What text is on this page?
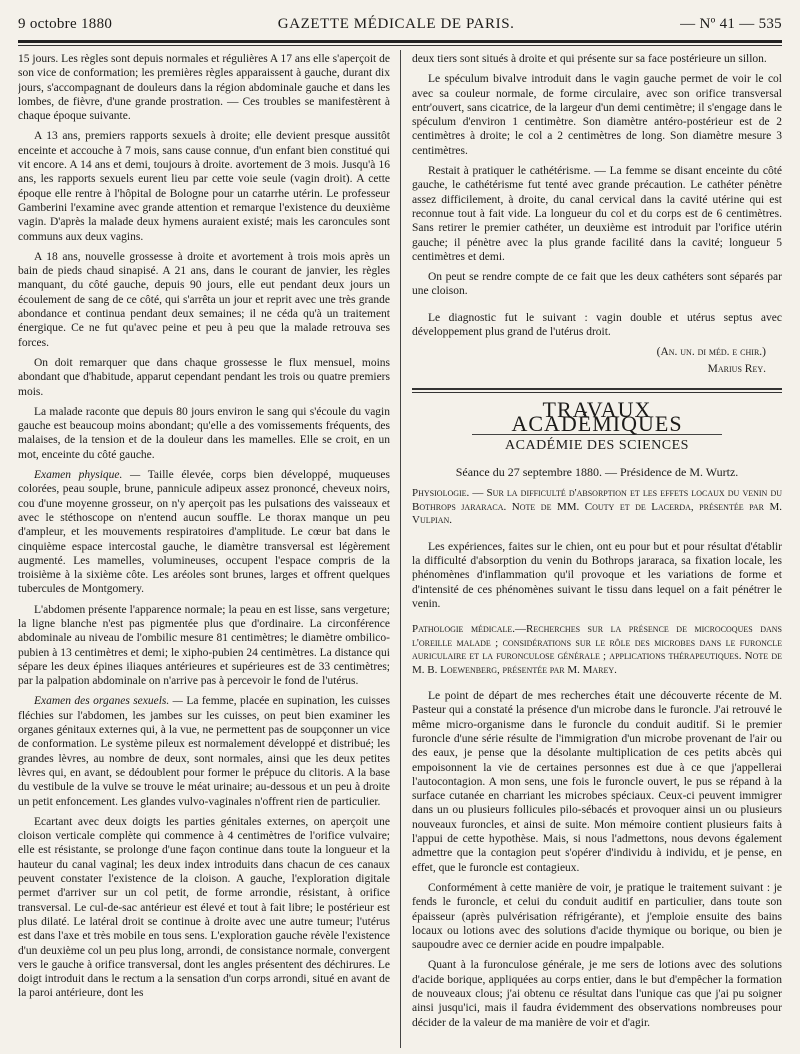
9 octobre 1880	GAZETTE MÉDICALE DE PARIS.	— Nº 41 — 535

15 jours. Les règles sont depuis normales et régulières A 17 ans elle s'aperçoit de son vice de conformation; les premières règles apparaissent à gauche, durant dix jours, s'accompagnant de douleurs dans la région abdominale gauche et dans les lombes, de fièvre, d'une grande prostration. — Ces troubles se manifestèrent à chaque époque suivante.

A 13 ans, premiers rapports sexuels à droite; elle devient presque aussitôt enceinte et accouche à 7 mois, sans cause connue, d'un enfant bien constitué qui vit encore. A 14 ans et demi, toujours à droite. avortement de 3 mois. Jusqu'à 16 ans, les rapports sexuels eurent lieu par cette voie seule (vagin droit). A cette époque elle rentre à l'hôpital de Bologne pour un catarrhe utérin. Le professeur Gamberini l'examine avec grande attention et remarque l'existence du deuxième vagin. D'après la malade deux hymens auraient existé; mais les caroncules sont communs aux deux vagins.

A 18 ans, nouvelle grossesse à droite et avortement à trois mois après un bain de pieds chaud sinapisé. A 21 ans, dans le courant de janvier, les règles manquant, du côté gauche, depuis 90 jours, elle eut pendant deux jours un écoulement de sang de ce côté, qui s'arrêta un jour et reprit avec une très grande abondance et continua pendant deux semaines; il ne céda qu'à un traitement énergique. Ce ne fut qu'avec peine et peu à peu que la malade retrouva ses forces.

On doit remarquer que dans chaque grossesse le flux mensuel, moins abondant que d'habitude, apparut cependant pendant les trois ou quatre premiers mois.

La malade raconte que depuis 80 jours environ le sang qui s'écoule du vagin gauche est beaucoup moins abondant; qu'elle a des vomissements fréquents, des malaises, de la tension et de la douleur dans les mamelles. Elle se croit, en un mot, enceinte du côté gauche.

Examen physique. — Taille élevée, corps bien développé, muqueuses colorées, peau souple, brune, pannicule adipeux assez prononcé, cheveux noirs, cou d'une moyenne grosseur, on n'y aperçoit pas les pulsations des vaisseaux et avec le stéthoscope on n'entend aucun souffle. Le thorax manque un peu d'ampleur, et les mouvements respiratoires d'amplitude. Le cœur bat dans le cinquième espace intercostal gauche, le diamètre transversal est légèrement augmenté. Les mamelles, volumineuses, occupent l'espace compris de la troisième à la sixième côte. Les aréoles sont brunes, larges et offrent quelques tubercules de Montgomery.

L'abdomen présente l'apparence normale; la peau en est lisse, sans vergeture; la ligne blanche n'est pas pigmentée plus que d'ordinaire. La circonférence abdominale au niveau de l'ombilic mesure 81 centimètres; le diamètre ombilico-pubien à 13 centimètres et demi; le xipho-pubien 24 centimètres. La distance qui sépare les deux épines iliaques antérieures et supérieures est de 33 centimètres; par la palpation abdominale on n'arrive pas à percevoir le fond de l'utérus.

Examen des organes sexuels. — La femme, placée en supination, les cuisses fléchies sur l'abdomen, les jambes sur les cuisses, on peut bien examiner les organes génitaux externes qui, à la vue, ne permettent pas de soupçonner un vice de conformation. Le système pileux est normalement développé et distribué; les grandes lèvres, au nombre de deux, sont normales, ainsi que les deux petites lèvres qui, en avant, se dédoublent pour former le prépuce du clitoris. A la base du vestibule de la vulve se trouve le méat urinaire; au-dessous et un peu à droite un petit enfoncement. Les glandes vulvo-vaginales n'offrent rien de particulier.

Ecartant avec deux doigts les parties génitales externes, on aperçoit une cloison verticale complète qui commence à 4 centimètres de l'orifice vulvaire; elle est résistante, se prolonge d'une façon continue dans toute la longueur et la hauteur du canal vaginal; les deux index introduits dans chacun de ces canaux peuvent constater l'existence de la cloison. A gauche, l'exploration digitale permet d'arriver sur un col petit, de forme arrondie, résistant, à orifice transversal. Le cul-de-sac antérieur est élevé et tout à fait libre; le postérieur est plus dilaté. Le latéral droit se continue à droite avec une autre tumeur; l'utérus est dans l'axe et très mobile en tous sens. L'exploration gauche révèle l'existence d'un deuxième col un peu plus long, arrondi, de consistance normale, convergent vers le gauche à orifice transversal, dont les angles présentent des déchirures. Le doigt introduit dans le rectum a la sensation d'un corps arrondi, situé en avant de la paroi antérieure, dont les

deux tiers sont situés à droite et qui présente sur sa face postérieure un sillon.

Le spéculum bivalve introduit dans le vagin gauche permet de voir le col avec sa couleur normale, de forme circulaire, avec son orifice transversal entr'ouvert, sans cicatrice, de la largeur d'un demi centimètre; il s'engage dans le spéculum d'environ 1 centimètre. Son diamètre antéro-postérieur est de 2 centimètres à droite; le col a 2 centimètres de long. Son diamètre mesure 3 centimètres.

Restait à pratiquer le cathétérisme. — La femme se disant enceinte du côté gauche, le cathétérisme fut tenté avec grande précaution. Le cathéter pénètre assez difficilement, à droite, du canal cervical dans la cavité utérine qui est reconnue tout à fait vide. La longueur du col et du corps est de 6 centimètres. Sans retirer le premier cathéter, un deuxième est introduit par l'orifice utérin gauche; il pénètre avec la plus grande facilité dans la cavité; longueur 5 centimètres et demi.

On peut se rendre compte de ce fait que les deux cathéters sont séparés par une cloison.

Le diagnostic fut le suivant : vagin double et utérus septus avec développement plus grand de l'utérus droit.

(An. un. di méd. e chir.)

Marius Rey.

TRAVAUX ACADÉMIQUES
ACADÉMIE DES SCIENCES
Séance du 27 septembre 1880. — Présidence de M. Wurtz.

Physiologie. — Sur la difficulté d'absorption et les effets locaux du venin du Bothrops jararaca. Note de MM. Couty et de Lacerda, présentée par M. Vulpian.

Les expériences, faites sur le chien, ont eu pour but et pour résultat d'établir la difficulté d'absorption du venin du Bothrops jararaca, sa fixation locale, les phénomènes d'inflammation qu'il provoque et les variations de forme et d'intensité de ces phénomènes suivant le tissu dans lequel on a fait pénétrer le venin.

Pathologie médicale.—Recherches sur la présence de microcoques dans l'oreille malade ; considérations sur le rôle des microbes dans le furoncle auriculaire et la furonculose générale ; applications thérapeutiques. Note de M. B. Loewenberg, présentée par M. Marey.

Le point de départ de mes recherches était une découverte récente de M. Pasteur qui a constaté la présence d'un microbe dans le furoncle. J'ai retrouvé le même micro-organisme dans le furoncle du conduit auditif. Si le premier furoncle d'une série résulte de l'immigration d'un microbe provenant de l'air ou des eaux, je pense que la désolante multiplication de ces petits abcès qui empoisonnent la vie de certaines personnes est due à ce que j'appellerai l'autocontagion. A mon sens, une fois le furoncle ouvert, le pus se répand à la surface cutanée en charriant les microbes spéciaux. Ceux-ci peuvent immigrer dans un ou plusieurs follicules pilo-sébacés et provoquer ainsi un ou plusieurs nouveaux furoncles, et ainsi de suite. Mon mémoire contient plusieurs faits à l'appui de cette hypothèse. Mais, si nous l'admettons, nous devons également admettre que la contagion peut s'opérer d'individu à individu, et je pense, en effet, que le furoncle est contagieux.

Conformément à cette manière de voir, je pratique le traitement suivant : je fends le furoncle, et celui du conduit auditif en particulier, dans toute son épaisseur (après pulvérisation réfrigérante), et j'emploie ensuite des bains locaux ou lotions avec des solutions d'acide thymique ou borique, ou bien je saupoudre avec ce dernier acide en poudre impalpable.

Quant à la furonculose générale, je me sers de lotions avec des solutions d'acide borique, appliquées au corps entier, dans le but d'empêcher la formation de nouveaux clous; j'ai obtenu ce résultat dans l'unique cas que j'ai pu soigner ainsi jusqu'ici, mais il faudra évidemment des observations nombreuses pour décider de la valeur de ma manière de voir et d'agir.
